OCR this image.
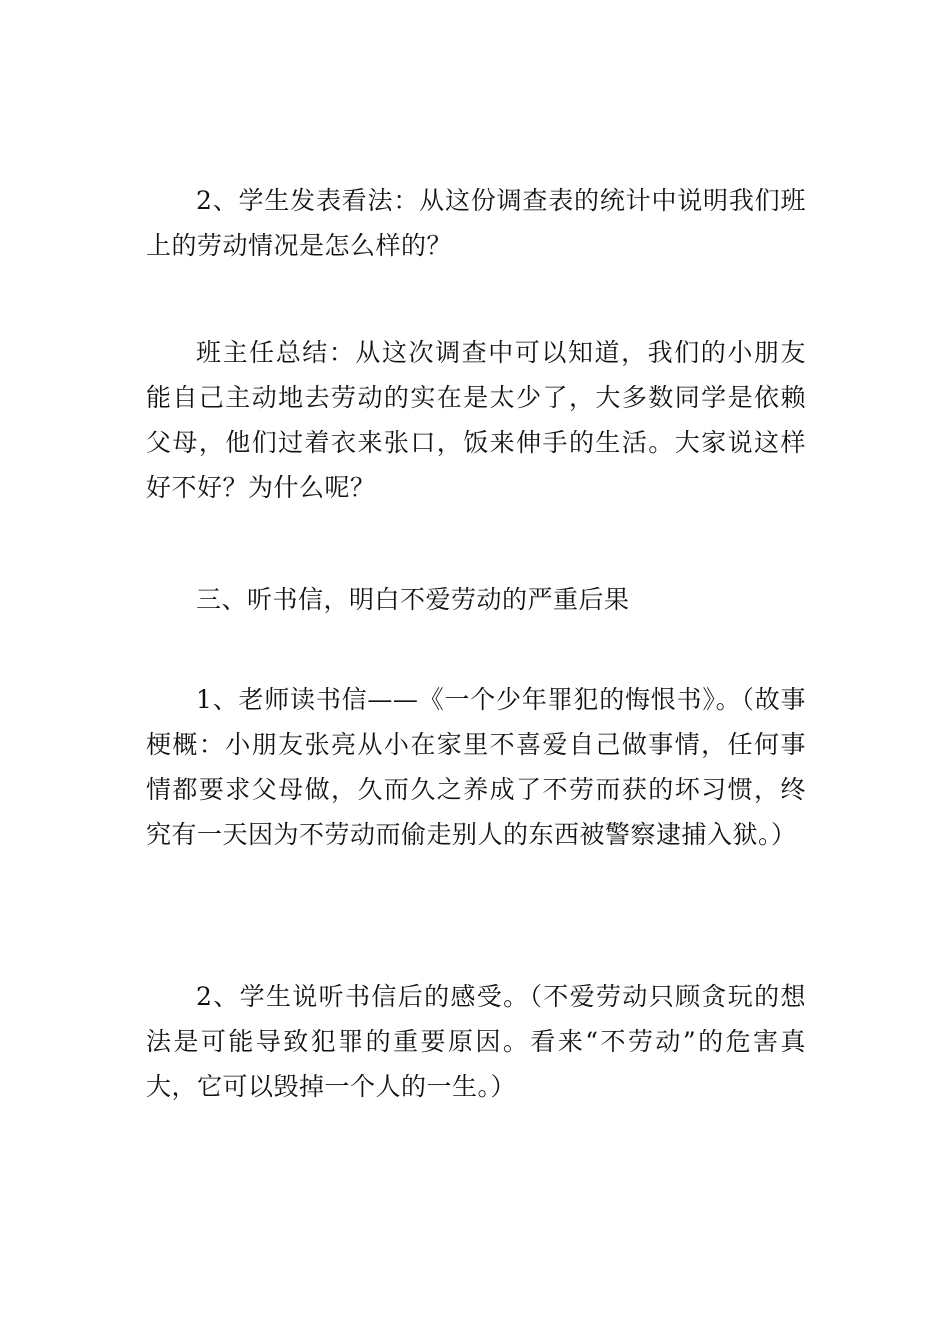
2、学生发表看法：从这份调查表的统计中说明我们班上的劳动情况是怎么样的？

班主任总结：从这次调查中可以知道，我们的小朋友能自己主动地去劳动的实在是太少了，大多数同学是依赖父母，他们过着衣来张口，饭来伸手的生活。大家说这样好不好？为什么呢？

三、听书信，明白不爱劳动的严重后果

1、老师读书信——《一个少年罪犯的悔恨书》。（故事梗概：小朋友张亮从小在家里不喜爱自己做事情，任何事情都要求父母做，久而久之养成了不劳而获的坏习惯，终究有一天因为不劳动而偷走别人的东西被警察逮捕入狱。）

2、学生说听书信后的感受。（不爱劳动只顾贪玩的想法是可能导致犯罪的重要原因。看来“不劳动”的危害真大，它可以毁掉一个人的一生。）
